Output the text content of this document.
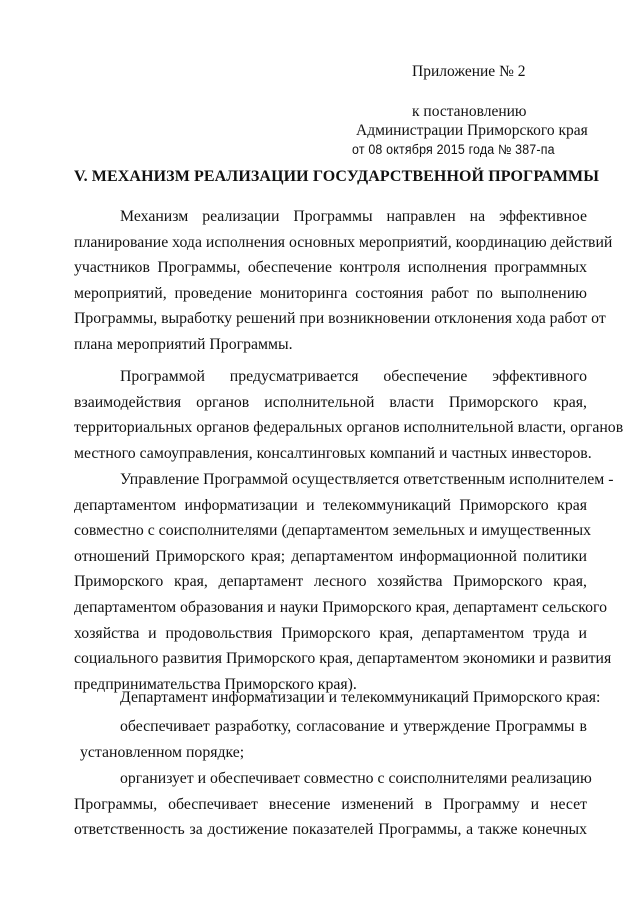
Приложение № 2
к постановлению
Администрации Приморского края
от 08 октября 2015 года № 387-па
V. МЕХАНИЗМ РЕАЛИЗАЦИИ ГОСУДАРСТВЕННОЙ ПРОГРАММЫ
Механизм реализации Программы направлен на эффективное
планирование хода исполнения основных мероприятий, координацию действий
участников Программы, обеспечение контроля исполнения программных
мероприятий, проведение мониторинга состояния работ по выполнению
Программы, выработку решений при возникновении отклонения хода работ от
плана мероприятий Программы.
Программой предусматривается обеспечение эффективного
взаимодействия органов исполнительной власти Приморского края,
территориальных органов федеральных органов исполнительной власти, органов
местного самоуправления, консалтинговых компаний и частных инвесторов.
Управление Программой осуществляется ответственным исполнителем -
департаментом информатизации и телекоммуникаций Приморского края
совместно с соисполнителями (департаментом земельных и имущественных
отношений Приморского края; департаментом информационной политики
Приморского края, департамент лесного хозяйства Приморского края,
департаментом образования и науки Приморского края, департамент сельского
хозяйства и продовольствия Приморского края, департаментом труда и
социального развития Приморского края, департаментом экономики и развития
предпринимательства Приморского края).
Департамент информатизации и телекоммуникаций Приморского края:
обеспечивает разработку, согласование и утверждение Программы в
установленном порядке;
организует и обеспечивает совместно с соисполнителями реализацию
Программы, обеспечивает внесение изменений в Программу и несет
ответственность за достижение показателей Программы, а также конечных
